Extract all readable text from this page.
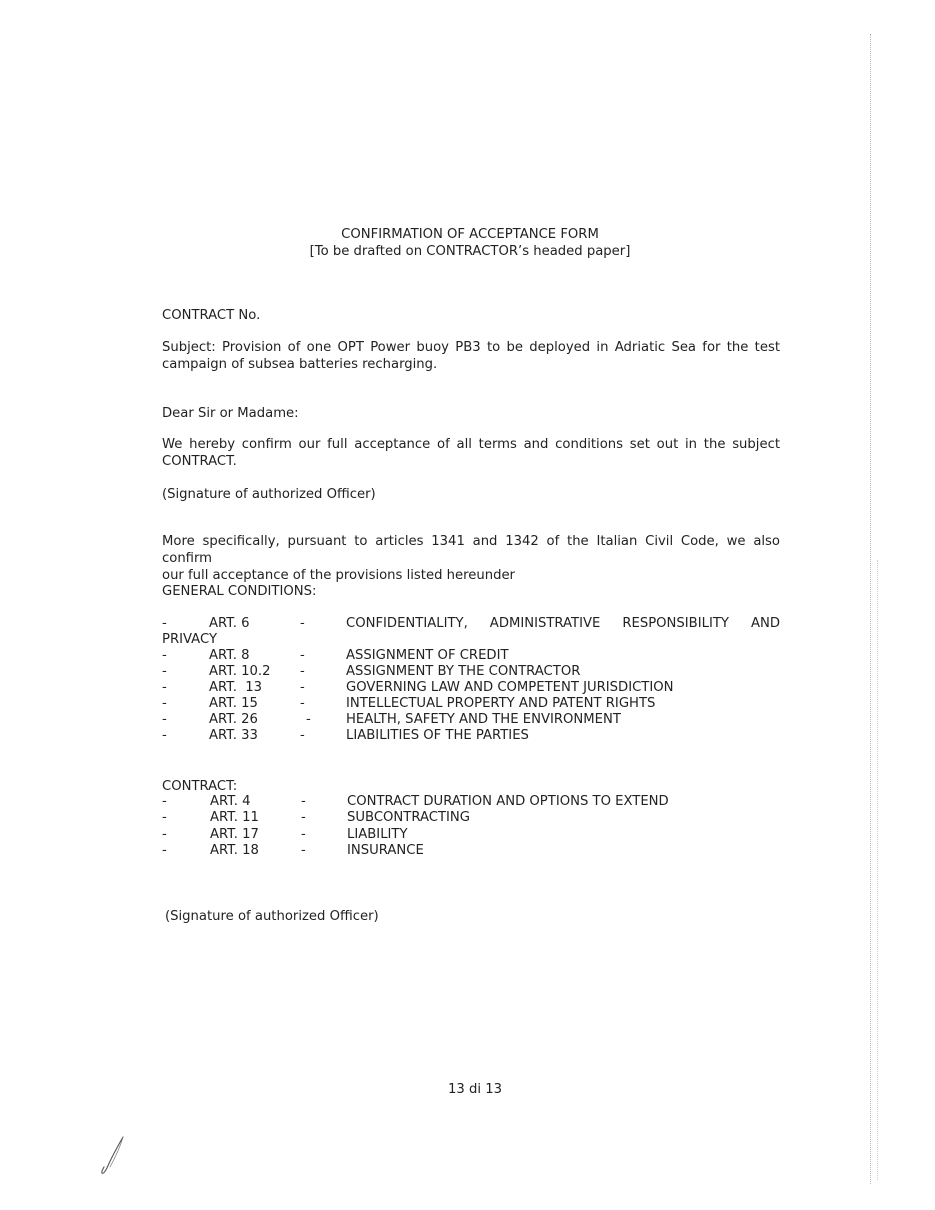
CONFIRMATION OF ACCEPTANCE FORM
[To be drafted on CONTRACTOR’s headed paper]
CONTRACT No.
Subject: Provision of one OPT Power buoy PB3 to be deployed in Adriatic Sea for the test
campaign of subsea batteries recharging.
Dear Sir or Madame:
We hereby confirm our full acceptance of all terms and conditions set out in the subject
CONTRACT.
(Signature of authorized Officer)
More specifically, pursuant to articles 1341 and 1342 of the Italian Civil Code, we also confirm
our full acceptance of the provisions listed hereunder
GENERAL CONDITIONS:
-	ART. 6	-	CONFIDENTIALITY, ADMINISTRATIVE RESPONSIBILITY AND
PRIVACY
-	ART. 8	-	ASSIGNMENT OF CREDIT
-	ART. 10.2 -	ASSIGNMENT BY THE CONTRACTOR
-	ART.  13	-	GOVERNING LAW AND COMPETENT JURISDICTION
-	ART. 15	-	INTELLECTUAL PROPERTY AND PATENT RIGHTS
-	ART. 26	-	HEALTH, SAFETY AND THE ENVIRONMENT
-	ART. 33	-	LIABILITIES OF THE PARTIES
CONTRACT:
-	ART. 4	-	CONTRACT DURATION AND OPTIONS TO EXTEND
-	ART. 11	-	SUBCONTRACTING
-	ART. 17	-	LIABILITY
-	ART. 18	-	INSURANCE
(Signature of authorized Officer)
13 di 13
